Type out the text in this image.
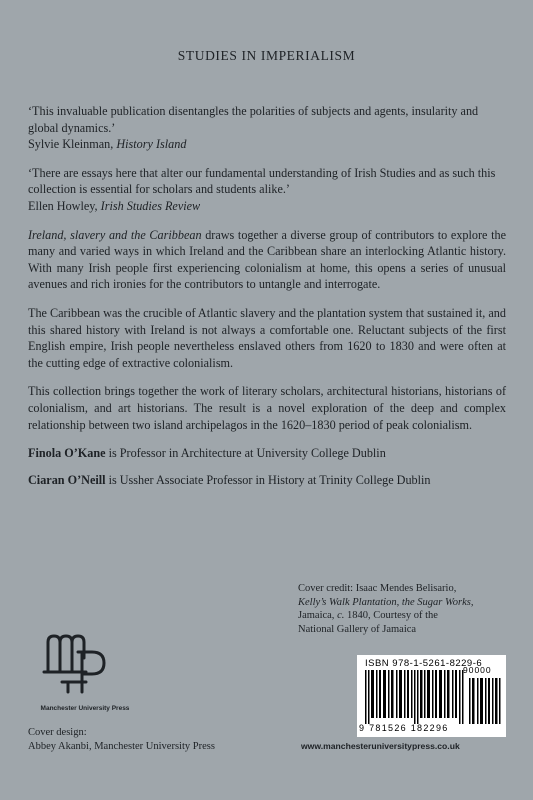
STUDIES IN IMPERIALISM

‘This invaluable publication disentangles the polarities of subjects and agents, insularity and global dynamics.’

Sylvie Kleinman, History Island

‘There are essays here that alter our fundamental understanding of Irish Studies and as such this collection is essential for scholars and students alike.’

Ellen Howley, Irish Studies Review

Ireland, slavery and the Caribbean draws together a diverse group of contributors to explore the many and varied ways in which Ireland and the Caribbean share an interlocking Atlantic history. With many Irish people first experiencing colonialism at home, this opens a series of unusual avenues and rich ironies for the contributors to untangle and interrogate.

The Caribbean was the crucible of Atlantic slavery and the plantation system that sustained it, and this shared history with Ireland is not always a comfortable one. Reluctant subjects of the first English empire, Irish people nevertheless enslaved others from 1620 to 1830 and were often at the cutting edge of extractive colonialism.

This collection brings together the work of literary scholars, architectural historians, historians of colonialism, and art historians. The result is a novel exploration of the deep and complex relationship between two island archipelagos in the 1620–1830 period of peak colonialism.

Finola O’Kane is Professor in Architecture at University College Dublin

Ciaran O’Neill is Ussher Associate Professor in History at Trinity College Dublin

Cover credit: Isaac Mendes Belisario,
Kelly’s Walk Plantation, the Sugar Works,
Jamaica, c. 1840, Courtesy of the
National Gallery of Jamaica
Manchester University Press
Cover design:
Abbey Akanbi, Manchester University Press
ISBN 978-1-5261-8229-6
90000
9 781526 182296
www.manchesteruniversitypress.co.uk
